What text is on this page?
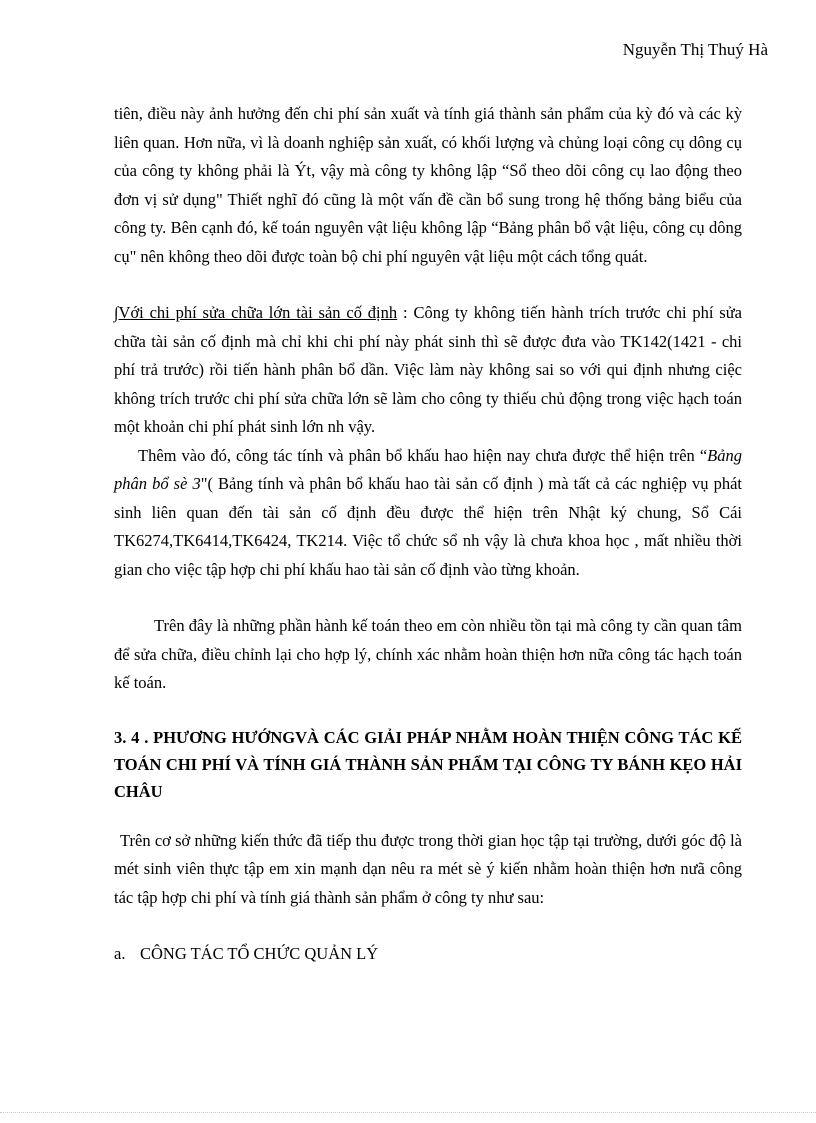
Nguyễn Thị Thuý Hà

tiên, điều này ảnh hưởng đến chi phí sản xuất và tính giá thành sản phẩm của kỳ đó và các kỳ liên quan. Hơn nữa, vì là doanh nghiệp sản xuất, có khối lượng và chủng loại công cụ dông cụ của công ty không phải là Ýt, vậy mà công ty không lập “Sổ theo dõi công cụ lao động theo đơn vị sử dụng" Thiết nghĩ đó cũng là một vấn đề cần bổ sung trong hệ thống bảng biểu của công ty. Bên cạnh đó, kế toán nguyên vật liệu không lập “Bảng phân bổ vật liệu, công cụ dông cụ" nên không theo dõi được toàn bộ chi phí nguyên vật liệu một cách tổng quát.

∫Với chi phí sửa chữa lớn tài sản cố định : Công ty không tiến hành trích trước chi phí sửa chữa tài sản cố định mà chỉ khi chi phí này phát sinh thì sẽ được đưa vào TK142(1421 - chi phí trả trước) rồi tiến hành phân bổ dần. Việc làm này không sai so với qui định nhưng ciệc không trích trước chi phí sửa chữa lớn sẽ làm cho công ty thiếu chủ động trong việc hạch toán một khoản chi phí phát sinh lớn nh vậy.

Thêm vào đó, công tác tính và phân bổ khấu hao hiện nay chưa được thể hiện trên “Bảng phân bổ sè 3"( Bảng tính và phân bổ khấu hao tài sản cố định ) mà tất cả các nghiệp vụ phát sinh liên quan đến tài sản cố định đều được thể hiện trên Nhật ký chung, Sổ Cái TK6274,TK6414,TK6424, TK214. Việc tổ chức sổ nh vậy là chưa khoa học , mất nhiều thời gian cho việc tập hợp chi phí khấu hao tài sản cố định vào từng khoản.

Trên đây là những phần hành kế toán theo em còn nhiều tồn tại mà công ty cần quan tâm để sửa chữa, điều chỉnh lại cho hợp lý, chính xác nhằm hoàn thiện hơn nữa công tác hạch toán kế toán.

3. 4 . PHƯƠNG HƯỚNGVÀ CÁC GIẢI PHÁP NHẰM HOÀN THIỆN CÔNG TÁC KẾ TOÁN CHI PHÍ VÀ TÍNH GIÁ THÀNH SẢN PHẨM TẠI CÔNG TY BÁNH KẸO HẢI CHÂU

Trên cơ sở những kiến thức đã tiếp thu được trong thời gian học tập tại trường, dưới góc độ là mét sinh viên thực tập em xin mạnh dạn nêu ra mét sè ý kiến nhằm hoàn thiện hơn nưã công tác tập hợp chi phí và tính giá thành sản phẩm ở công ty như sau:

a. CÔNG TÁC TỔ CHỨC QUẢN LÝ
